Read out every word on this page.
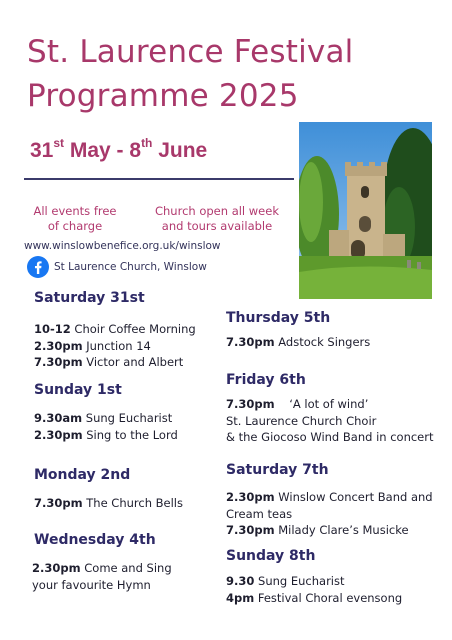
St. Laurence Festival
Programme 2025
31st May - 8th June
All events free
of charge
Church open all week
and tours available
www.winslowbenefice.org.uk/winslow
St Laurence Church, Winslow
Saturday 31st
10-12 Choir Coffee Morning
2.30pm Junction 14
7.30pm Victor and Albert
Sunday 1st
9.30am Sung Eucharist
2.30pm Sing to the Lord
Monday 2nd
7.30pm The Church Bells
Wednesday 4th
2.30pm Come and Sing
your favourite Hymn
Thursday 5th
7.30pm Adstock Singers
Friday 6th
7.30pm    ‘A lot of wind’
St. Laurence Church Choir
& the Giocoso Wind Band in concert
Saturday 7th
2.30pm Winslow Concert Band and
Cream teas
7.30pm Milady Clare’s Musicke
Sunday 8th
9.30 Sung Eucharist
4pm Festival Choral evensong
